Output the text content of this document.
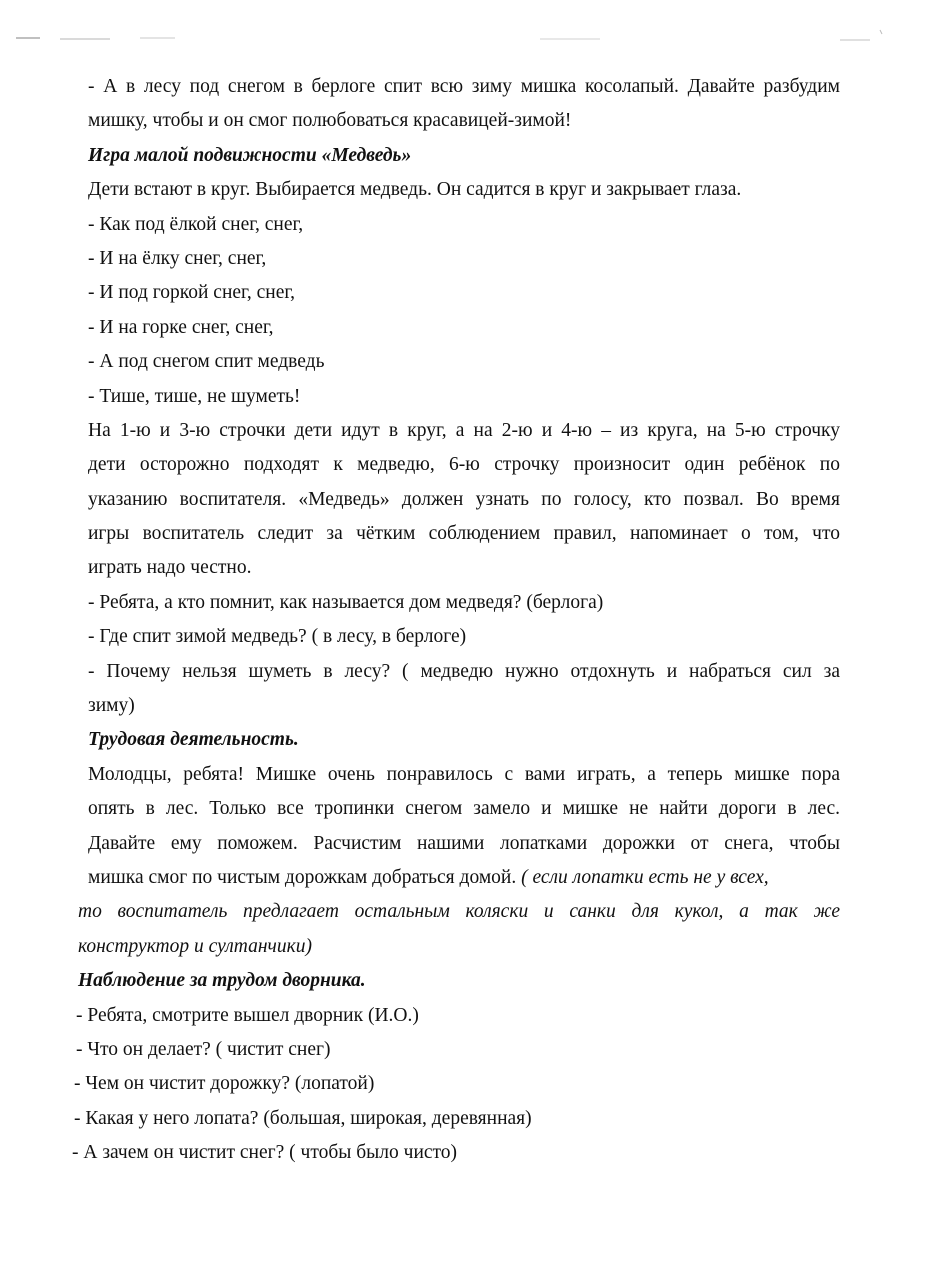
- А в лесу под снегом в берлоге спит всю зиму мишка косолапый. Давайте разбудим
мишку, чтобы и он смог полюбоваться красавицей-зимой!
Игра малой подвижности «Медведь»
Дети встают в круг. Выбирается медведь. Он садится в круг и закрывает глаза.
- Как под ёлкой снег, снег,
- И на ёлку снег, снег,
- И под горкой снег, снег,
- И на горке снег, снег,
- А под снегом спит медведь
- Тише, тише, не шуметь!
На 1-ю и 3-ю строчки дети идут в круг, а на 2-ю и 4-ю – из круга, на 5-ю строчку
дети осторожно подходят к медведю, 6-ю строчку произносит один ребёнок по
указанию воспитателя. «Медведь» должен узнать по голосу, кто позвал. Во время
игры воспитатель следит за чётким соблюдением правил, напоминает о том, что
играть надо честно.
- Ребята, а кто помнит, как называется дом медведя? (берлога)
- Где спит зимой медведь? ( в лесу, в берлоге)
- Почему нельзя шуметь в лесу? ( медведю нужно отдохнуть и набраться сил за
зиму)
Трудовая деятельность.
Молодцы, ребята! Мишке очень понравилось с вами играть, а теперь мишке пора
опять в лес. Только все тропинки снегом замело и мишке не найти дороги в лес.
Давайте ему поможем. Расчистим нашими лопатками дорожки от снега, чтобы
мишка смог по чистым дорожкам добраться домой. ( если лопатки есть не у всех,
то воспитатель предлагает остальным коляски и санки для кукол, а так же
конструктор и султанчики)
Наблюдение за трудом дворника.
- Ребята, смотрите вышел дворник (И.О.)
- Что он делает? ( чистит снег)
- Чем он чистит дорожку? (лопатой)
- Какая у него лопата? (большая, широкая, деревянная)
- А зачем он чистит снег? ( чтобы было чисто)
